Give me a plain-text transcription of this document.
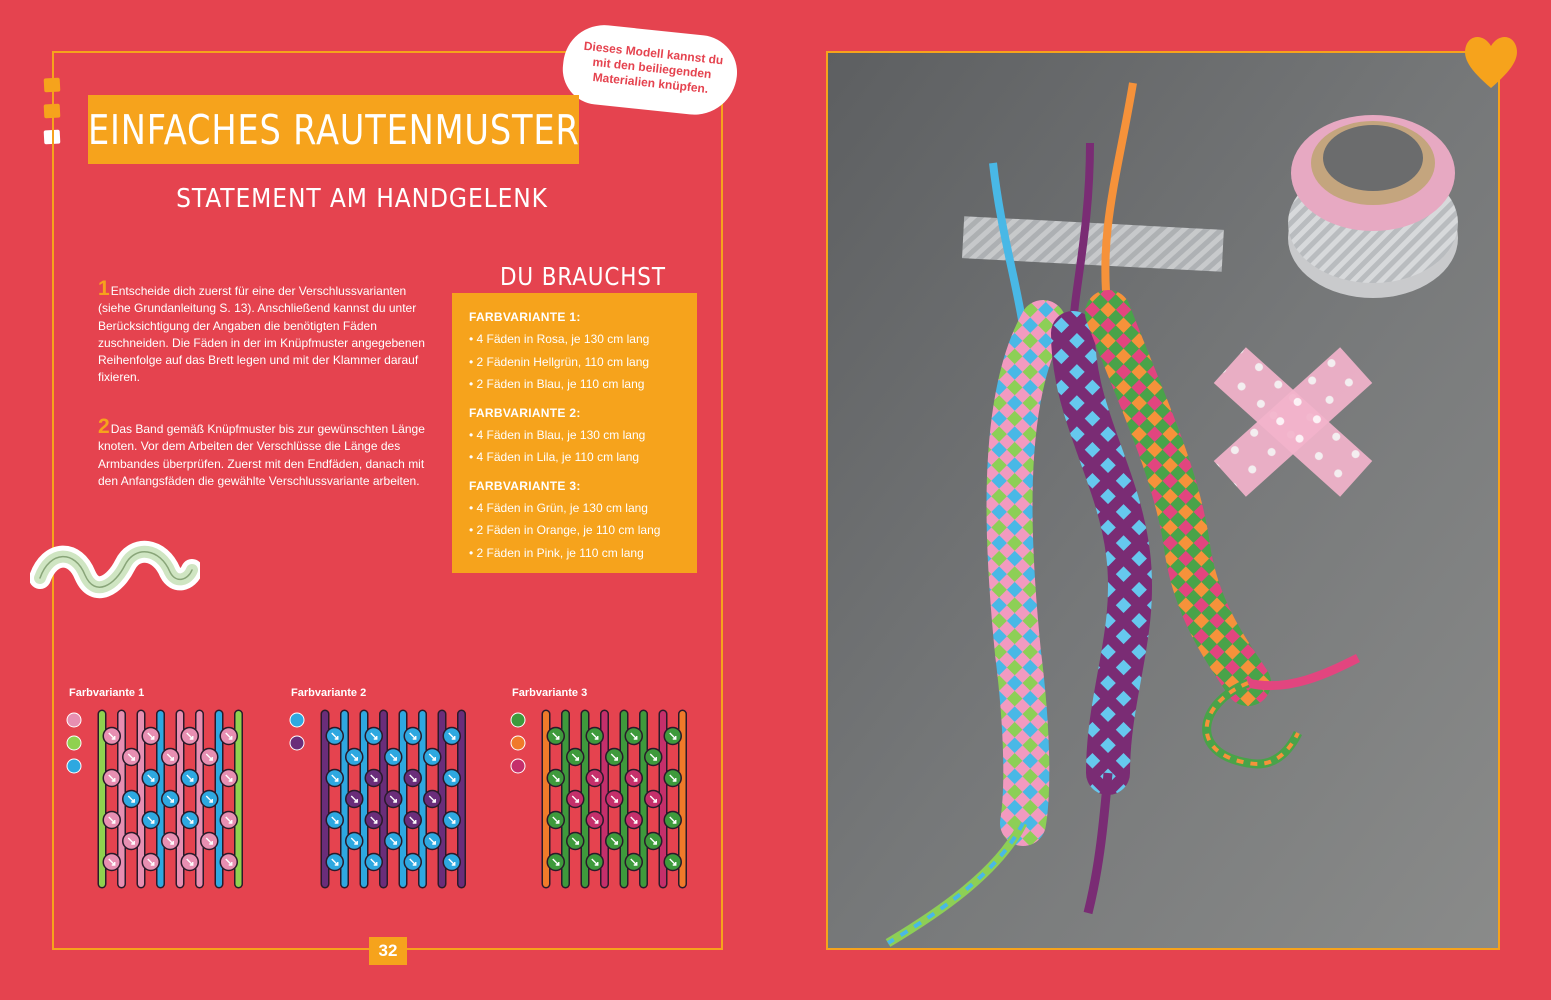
Dieses Modell kannst du mit den beiliegenden Materialien knüpfen.
EINFACHES RAUTENMUSTER
STATEMENT AM HANDGELENK
1Entscheide dich zuerst für eine der Verschlussvarianten (siehe Grundanleitung S. 13). Anschließend kannst du unter Berücksichtigung der Angaben die benötigten Fäden zuschneiden. Die Fäden in der im Knüpfmuster angegebenen Reihenfolge auf das Brett legen und mit der Klammer darauf fixieren.
2Das Band gemäß Knüpfmuster bis zur gewünschten Länge knoten. Vor dem Arbeiten der Verschlüsse die Länge des Armbandes überprüfen. Zuerst mit den Endfäden, danach mit den Anfangsfäden die gewählte Verschlussvariante arbeiten.
DU BRAUCHST
FARBVARIANTE 1:
• 4 Fäden in Rosa, je 130 cm lang
• 2 Fädenin Hellgrün, 110 cm lang
• 2 Fäden in Blau, je 110 cm lang
FARBVARIANTE 2:
• 4 Fäden in Blau, je 130 cm lang
• 4 Fäden in Lila, je 110 cm lang
FARBVARIANTE 3:
• 4 Fäden in Grün, je 130 cm lang
• 2 Fäden in Orange, je 110 cm lang
• 2 Fäden in Pink, je 110 cm lang
Farbvariante 1	Farbvariante 2	Farbvariante 3
32
